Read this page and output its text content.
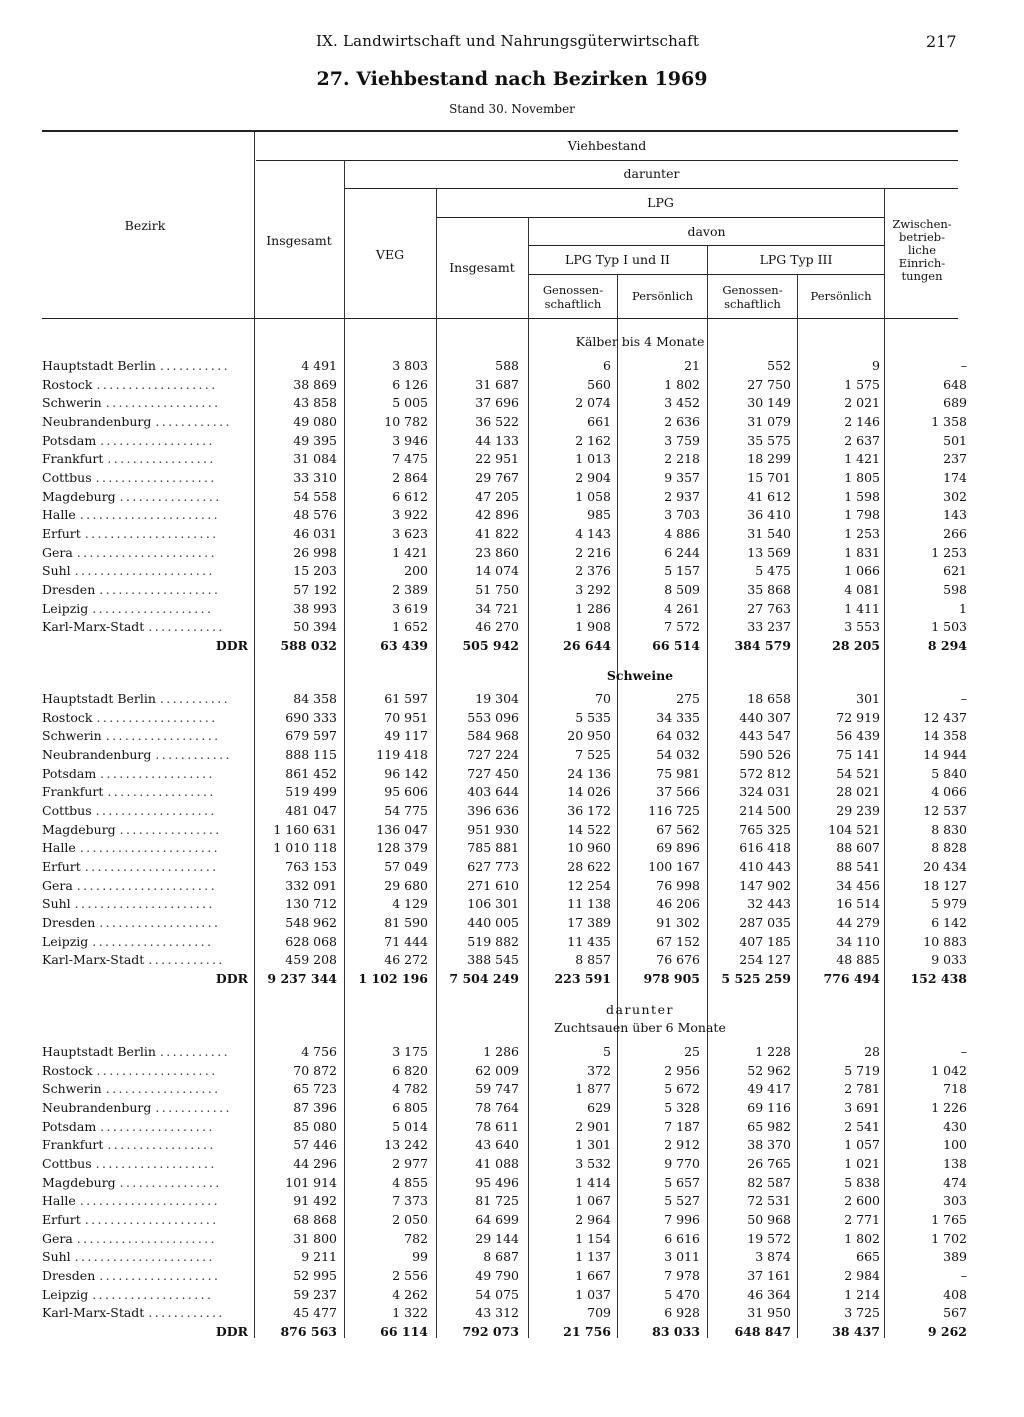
IX. Landwirtschaft und Nahrungsgüterwirtschaft	217
27. Viehbestand nach Bezirken 1969
Stand 30. November
Bezirk
Viehbestand
Insgesamt
darunter
VEG
LPG
Insgesamt
davon
LPG Typ I und II	LPG Typ III
Genossen-
schaftlich
Persönlich	Genossen-
schaftlich
Persönlich
Zwischen-
betrieb-
liche
Einrich-
tungen
Kälber bis 4 Monate
Schweine
darunter
Zuchtsauen über 6 Monate
Hauptstadt Berlin ...........	4 491	3 803	588	6	21	552	9	–
Rostock ...................	38 869	6 126	31 687	560	1 802	27 750	1 575	648
Schwerin ..................	43 858	5 005	37 696	2 074	3 452	30 149	2 021	689
Neubrandenburg ............	49 080	10 782	36 522	661	2 636	31 079	2 146	1 358
Potsdam ..................	49 395	3 946	44 133	2 162	3 759	35 575	2 637	501
Frankfurt .................	31 084	7 475	22 951	1 013	2 218	18 299	1 421	237
Cottbus ...................	33 310	2 864	29 767	2 904	9 357	15 701	1 805	174
Magdeburg ................	54 558	6 612	47 205	1 058	2 937	41 612	1 598	302
Halle ......................	48 576	3 922	42 896	985	3 703	36 410	1 798	143
Erfurt .....................	46 031	3 623	41 822	4 143	4 886	31 540	1 253	266
Gera ......................	26 998	1 421	23 860	2 216	6 244	13 569	1 831	1 253
Suhl ......................	15 203	200	14 074	2 376	5 157	5 475	1 066	621
Dresden ...................	57 192	2 389	51 750	3 292	8 509	35 868	4 081	598
Leipzig ...................	38 993	3 619	34 721	1 286	4 261	27 763	1 411	1
Karl-Marx-Stadt ............	50 394	1 652	46 270	1 908	7 572	33 237	3 553	1 503
DDR	588 032	63 439	505 942	26 644	66 514	384 579	28 205	8 294
Hauptstadt Berlin ...........	84 358	61 597	19 304	70	275	18 658	301	–
Rostock ...................	690 333	70 951	553 096	5 535	34 335	440 307	72 919	12 437
Schwerin ..................	679 597	49 117	584 968	20 950	64 032	443 547	56 439	14 358
Neubrandenburg ............	888 115	119 418	727 224	7 525	54 032	590 526	75 141	14 944
Potsdam ..................	861 452	96 142	727 450	24 136	75 981	572 812	54 521	5 840
Frankfurt .................	519 499	95 606	403 644	14 026	37 566	324 031	28 021	4 066
Cottbus ...................	481 047	54 775	396 636	36 172	116 725	214 500	29 239	12 537
Magdeburg ................	1 160 631	136 047	951 930	14 522	67 562	765 325	104 521	8 830
Halle ......................	1 010 118	128 379	785 881	10 960	69 896	616 418	88 607	8 828
Erfurt .....................	763 153	57 049	627 773	28 622	100 167	410 443	88 541	20 434
Gera ......................	332 091	29 680	271 610	12 254	76 998	147 902	34 456	18 127
Suhl ......................	130 712	4 129	106 301	11 138	46 206	32 443	16 514	5 979
Dresden ...................	548 962	81 590	440 005	17 389	91 302	287 035	44 279	6 142
Leipzig ...................	628 068	71 444	519 882	11 435	67 152	407 185	34 110	10 883
Karl-Marx-Stadt ............	459 208	46 272	388 545	8 857	76 676	254 127	48 885	9 033
DDR	9 237 344	1 102 196	7 504 249	223 591	978 905	5 525 259	776 494	152 438
Hauptstadt Berlin ...........	4 756	3 175	1 286	5	25	1 228	28	–
Rostock ...................	70 872	6 820	62 009	372	2 956	52 962	5 719	1 042
Schwerin ..................	65 723	4 782	59 747	1 877	5 672	49 417	2 781	718
Neubrandenburg ............	87 396	6 805	78 764	629	5 328	69 116	3 691	1 226
Potsdam ..................	85 080	5 014	78 611	2 901	7 187	65 982	2 541	430
Frankfurt .................	57 446	13 242	43 640	1 301	2 912	38 370	1 057	100
Cottbus ...................	44 296	2 977	41 088	3 532	9 770	26 765	1 021	138
Magdeburg ................	101 914	4 855	95 496	1 414	5 657	82 587	5 838	474
Halle ......................	91 492	7 373	81 725	1 067	5 527	72 531	2 600	303
Erfurt .....................	68 868	2 050	64 699	2 964	7 996	50 968	2 771	1 765
Gera ......................	31 800	782	29 144	1 154	6 616	19 572	1 802	1 702
Suhl ......................	9 211	99	8 687	1 137	3 011	3 874	665	389
Dresden ...................	52 995	2 556	49 790	1 667	7 978	37 161	2 984	–
Leipzig ...................	59 237	4 262	54 075	1 037	5 470	46 364	1 214	408
Karl-Marx-Stadt ............	45 477	1 322	43 312	709	6 928	31 950	3 725	567
DDR	876 563	66 114	792 073	21 756	83 033	648 847	38 437	9 262
